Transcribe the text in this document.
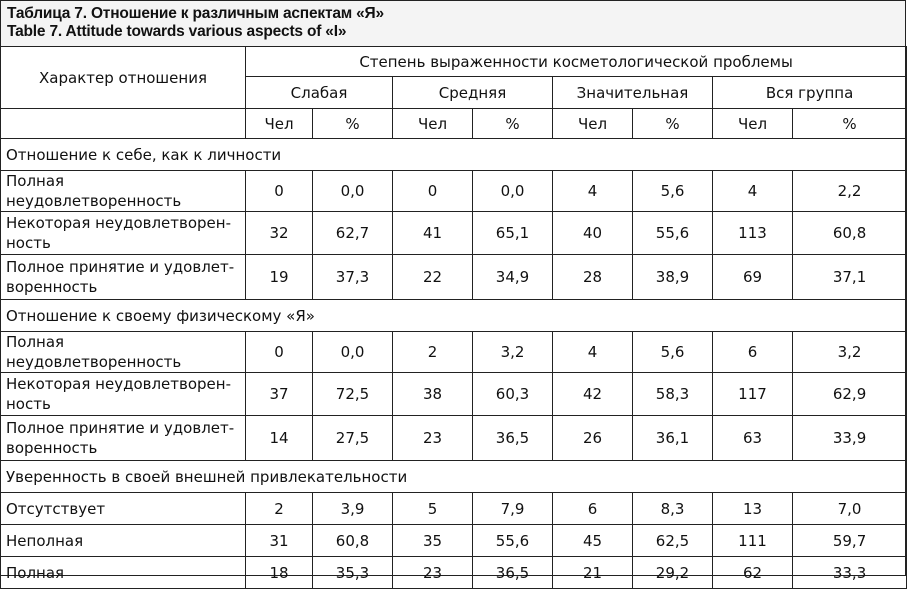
Таблица 7. Отношение к различным аспектам «Я»
Table 7. Attitude towards various aspects of «I»
Характер отношения	Степень выраженности косметологической проблемы							
	Слабая		Средняя		Значительная		Вся группа	
	Чел	%	Чел	%	Чел	%	Чел	%
Отношение к себе, как к личности								
Полная неудовлетворенность	0	0,0	0	0,0	4	5,6	4	2,2
Некоторая неудовлетворен-ность	32	62,7	41	65,1	40	55,6	113	60,8
Полное принятие и удовлет-воренность	19	37,3	22	34,9	28	38,9	69	37,1
Отношение к своему физическому «Я»								
Полная неудовлетворенность	0	0,0	2	3,2	4	5,6	6	3,2
Некоторая неудовлетворен-ность	37	72,5	38	60,3	42	58,3	117	62,9
Полное принятие и удовлет-воренность	14	27,5	23	36,5	26	36,1	63	33,9
Уверенность в своей внешней привлекательности								
Отсутствует	2	3,9	5	7,9	6	8,3	13	7,0
Неполная	31	60,8	35	55,6	45	62,5	111	59,7
Полная	18	35,3	23	36,5	21	29,2	62	33,3
